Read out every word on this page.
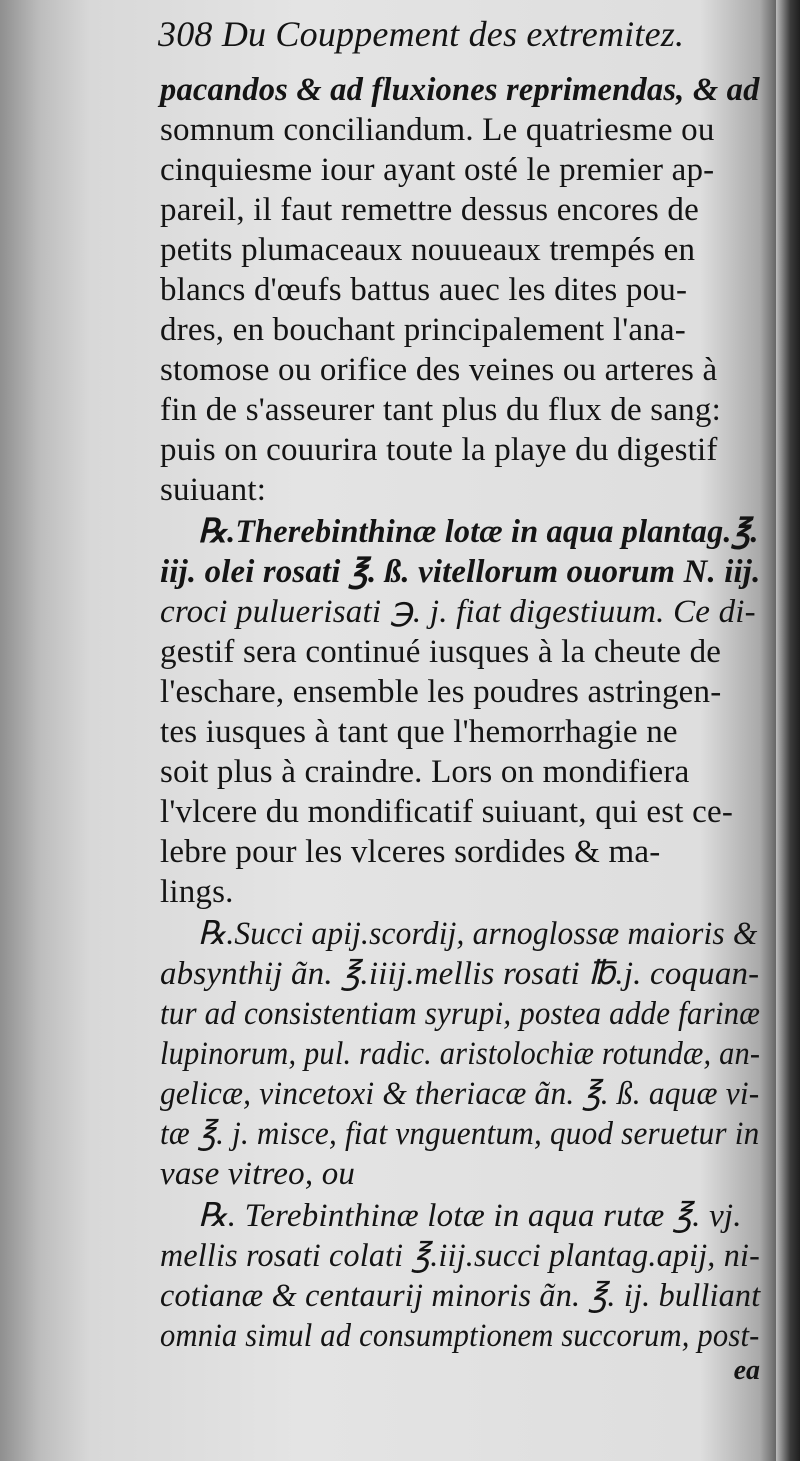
308 Du Couppement des extremitez.
pacandos & ad fluxiones reprimendas, & ad
somnum conciliandum. Le quatriesme ou
cinquiesme iour ayant osté le premier ap-
pareil, il faut remettre dessus encores de
petits plumaceaux nouueaux trempés en
blancs d'œufs battus auec les dites pou-
dres, en bouchant principalement l'ana-
stomose ou orifice des veines ou arteres à
fin de s'asseurer tant plus du flux de sang:
puis on couurira toute la playe du digestif
suiuant:
℞.Therebinthinæ lotæ in aqua plantag.℥.
iij. olei rosati ℥. ß. vitellorum ouorum N. iij.
croci puluerisati ℈. j. fiat digestiuum. Ce di-
gestif sera continué iusques à la cheute de
l'eschare, ensemble les poudres astringen-
tes iusques à tant que l'hemorrhagie ne
soit plus à craindre. Lors on mondifiera
l'vlcere du mondificatif suiuant, qui est ce-
lebre pour les vlceres sordides & ma-
lings.
℞.Succi apij.scordij, arnoglossæ maioris &
absynthij ãn. ℥.iiij.mellis rosati ℔.j. coquan-
tur ad consistentiam syrupi, postea adde farinæ
lupinorum, pul. radic. aristolochiæ rotundæ, an-
gelicæ, vincetoxi & theriacæ ãn. ℥. ß. aquæ vi-
tæ ℥. j. misce, fiat vnguentum, quod seruetur in
vase vitreo, ou
℞. Terebinthinæ lotæ in aqua rutæ ℥. vj.
mellis rosati colati ℥.iij.succi plantag.apij, ni-
cotianæ & centaurij minoris ãn. ℥. ij. bulliant
omnia simul ad consumptionem succorum, post-
ea
